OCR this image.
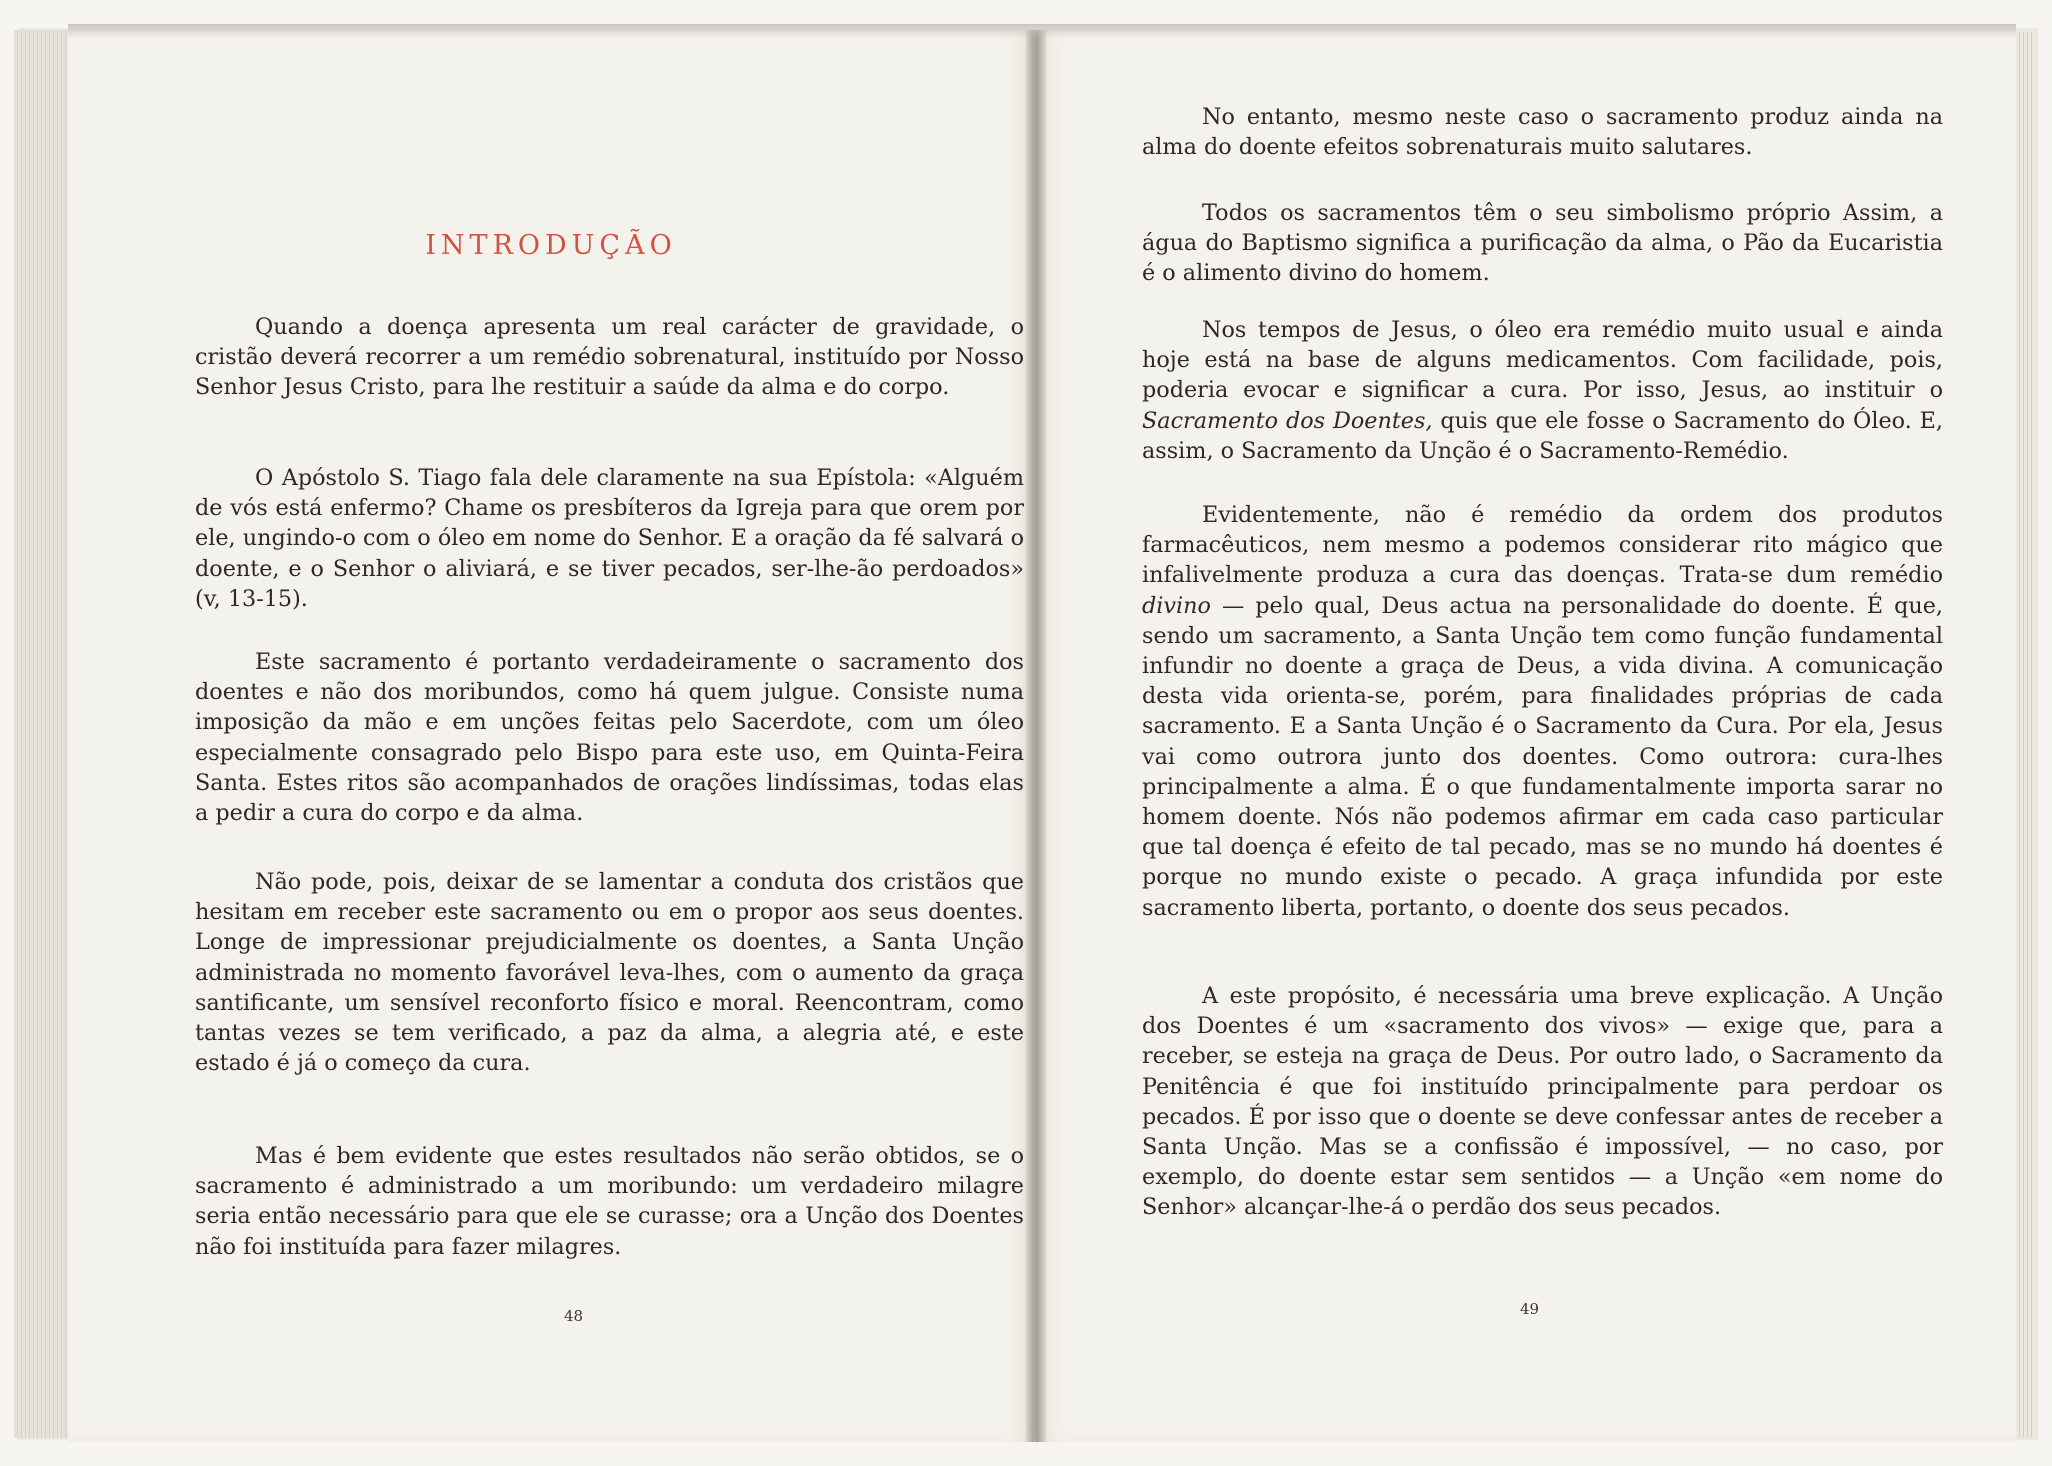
INTRODUÇÃO

Quando a doença apresenta um real carácter de gravidade, o cristão deverá recorrer a um remédio sobrenatural, instituído por Nosso Senhor Jesus Cristo, para lhe restituir a saúde da alma e do corpo.

O Apóstolo S. Tiago fala dele claramente na sua Epístola: «Alguém de vós está enfermo? Chame os presbíteros da Igreja para que orem por ele, ungindo-o com o óleo em nome do Senhor. E a oração da fé salvará o doente, e o Senhor o aliviará, e se tiver pecados, ser-lhe-ão perdoados» (v, 13-15).

Este sacramento é portanto verdadeiramente o sacramento dos doentes e não dos moribundos, como há quem julgue. Consiste numa imposição da mão e em unções feitas pelo Sacerdote, com um óleo especialmente consagrado pelo Bispo para este uso, em Quinta-Feira Santa. Estes ritos são acompanhados de orações lindíssimas, todas elas a pedir a cura do corpo e da alma.

Não pode, pois, deixar de se lamentar a conduta dos cristãos que hesitam em receber este sacramento ou em o propor aos seus doentes. Longe de impressionar prejudicialmente os doentes, a Santa Unção administrada no momento favorável leva-lhes, com o aumento da graça santificante, um sensível reconforto físico e moral. Reencontram, como tantas vezes se tem verificado, a paz da alma, a alegria até, e este estado é já o começo da cura.

Mas é bem evidente que estes resultados não serão obtidos, se o sacramento é administrado a um moribundo: um verdadeiro milagre seria então necessário para que ele se curasse; ora a Unção dos Doentes não foi instituída para fazer milagres.

48

No entanto, mesmo neste caso o sacramento produz ainda na alma do doente efeitos sobrenaturais muito salutares.

Todos os sacramentos têm o seu simbolismo próprio Assim, a água do Baptismo significa a purificação da alma, o Pão da Eucaristia é o alimento divino do homem.

Nos tempos de Jesus, o óleo era remédio muito usual e ainda hoje está na base de alguns medicamentos. Com facilidade, pois, poderia evocar e significar a cura. Por isso, Jesus, ao instituir o Sacramento dos Doentes, quis que ele fosse o Sacramento do Óleo. E, assim, o Sacramento da Unção é o Sacramento-Remédio.

Evidentemente, não é remédio da ordem dos produtos farmacêuticos, nem mesmo a podemos considerar rito mágico que infalivelmente produza a cura das doenças. Trata-se dum remédio divino — pelo qual, Deus actua na personalidade do doente. É que, sendo um sacramento, a Santa Unção tem como função fundamental infundir no doente a graça de Deus, a vida divina. A comunicação desta vida orienta-se, porém, para finalidades próprias de cada sacramento. E a Santa Unção é o Sacramento da Cura. Por ela, Jesus vai como outrora junto dos doentes. Como outrora: cura-lhes principalmente a alma. É o que fundamentalmente importa sarar no homem doente. Nós não podemos afirmar em cada caso particular que tal doença é efeito de tal pecado, mas se no mundo há doentes é porque no mundo existe o pecado. A graça infundida por este sacramento liberta, portanto, o doente dos seus pecados.

A este propósito, é necessária uma breve explicação. A Unção dos Doentes é um «sacramento dos vivos» — exige que, para a receber, se esteja na graça de Deus. Por outro lado, o Sacramento da Penitência é que foi instituído principalmente para perdoar os pecados. É por isso que o doente se deve confessar antes de receber a Santa Unção. Mas se a confissão é impossível, — no caso, por exemplo, do doente estar sem sentidos — a Unção «em nome do Senhor» alcançar-lhe-á o perdão dos seus pecados.

49
